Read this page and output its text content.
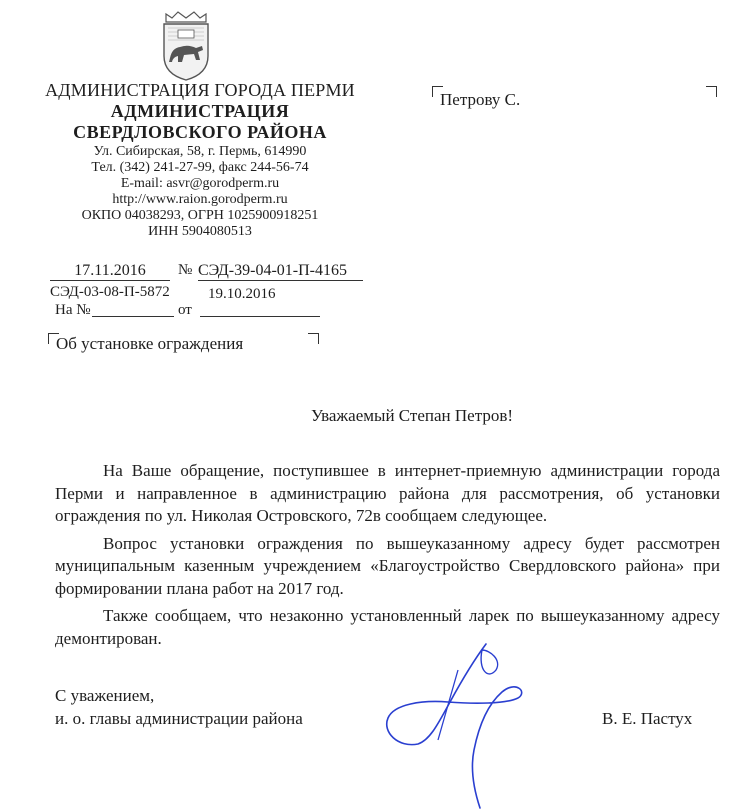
АДМИНИСТРАЦИЯ ГОРОДА ПЕРМИ
АДМИНИСТРАЦИЯ
СВЕРДЛОВСКОГО РАЙОНА
Ул. Сибирская, 58, г. Пермь, 614990
Тел. (342) 241-27-99, факс 244-56-74
E-mail: asvr@gorodperm.ru
http://www.raion.gorodperm.ru
ОКПО 04038293, ОГРН 1025900918251
ИНН 5904080513
Петрову С.
17.11.2016	№ СЭД-39-04-01-П-4165
СЭД-03-08-П-5872	19.10.2016
На №	от
Об установке ограждения
Уважаемый Степан Петров!

На Ваше обращение, поступившее в интернет-приемную администрации города Перми и направленное в администрацию района для рассмотрения, об установки ограждения по ул. Николая Островского, 72в сообщаем следующее.

Вопрос установки ограждения по вышеуказанному адресу будет рассмотрен муниципальным казенным учреждением «Благоустройство Свердловского района» при формировании плана работ на 2017 год.

Также сообщаем, что незаконно установленный ларек по вышеуказанному адресу демонтирован.

С уважением,
и. о. главы администрации района	В. Е. Пастух
